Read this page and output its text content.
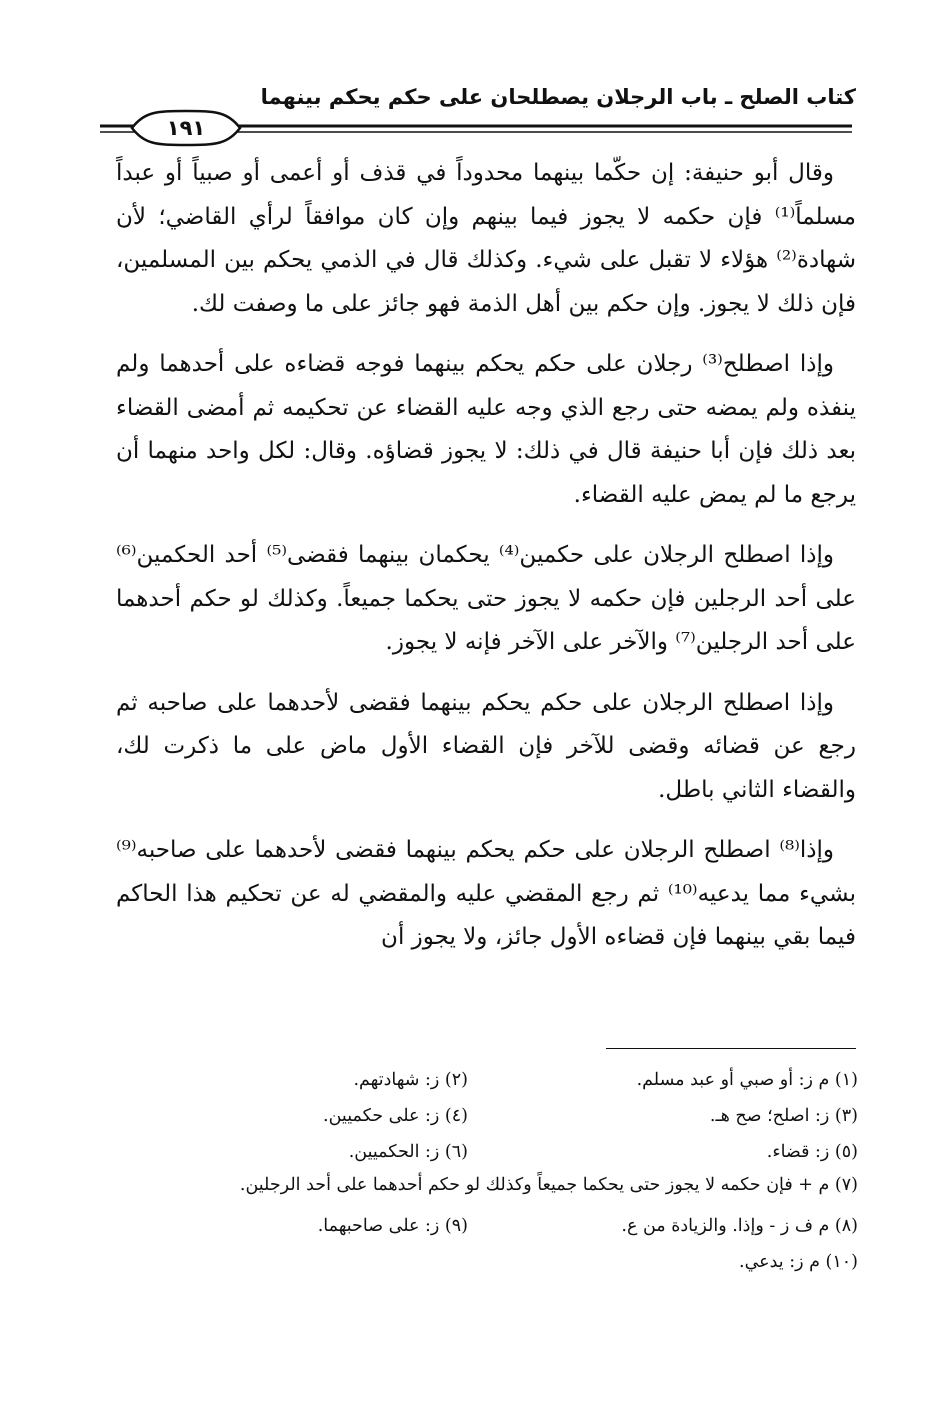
كتاب الصلح ـ باب الرجلان يصطلحان على حكم يحكم بينهما
١٩١

وقال أبو حنيفة: إن حكّما بينهما محدوداً في قذف أو أعمى أو صبياً أو عبداً مسلماً⁽¹⁾ فإن حكمه لا يجوز فيما بينهم وإن كان موافقاً لرأي القاضي؛ لأن شهادة⁽²⁾ هؤلاء لا تقبل على شيء. وكذلك قال في الذمي يحكم بين المسلمين، فإن ذلك لا يجوز. وإن حكم بين أهل الذمة فهو جائز على ما وصفت لك.

وإذا اصطلح⁽³⁾ رجلان على حكم يحكم بينهما فوجه قضاءه على أحدهما ولم ينفذه ولم يمضه حتى رجع الذي وجه عليه القضاء عن تحكيمه ثم أمضى القضاء بعد ذلك فإن أبا حنيفة قال في ذلك: لا يجوز قضاؤه. وقال: لكل واحد منهما أن يرجع ما لم يمض عليه القضاء.

وإذا اصطلح الرجلان على حكمين⁽⁴⁾ يحكمان بينهما فقضى⁽⁵⁾ أحد الحكمين⁽⁶⁾ على أحد الرجلين فإن حكمه لا يجوز حتى يحكما جميعاً. وكذلك لو حكم أحدهما على أحد الرجلين⁽⁷⁾ والآخر على الآخر فإنه لا يجوز.

وإذا اصطلح الرجلان على حكم يحكم بينهما فقضى لأحدهما على صاحبه ثم رجع عن قضائه وقضى للآخر فإن القضاء الأول ماض على ما ذكرت لك، والقضاء الثاني باطل.

وإذا⁽⁸⁾ اصطلح الرجلان على حكم يحكم بينهما فقضى لأحدهما على صاحبه⁽⁹⁾ بشيء مما يدعيه⁽¹⁰⁾ ثم رجع المقضي عليه والمقضي له عن تحكيم هذا الحاكم فيما بقي بينهما فإن قضاءه الأول جائز، ولا يجوز أن

(١) م ز: أو صبي أو عبد مسلم.
(٢) ز: شهادتهم.
(٣) ز: اصلح؛ صح هـ.
(٤) ز: على حكميين.
(٥) ز: قضاء.
(٦) ز: الحكميين.
(٧) م + فإن حكمه لا يجوز حتى يحكما جميعاً وكذلك لو حكم أحدهما على أحد الرجلين.
(٨) م ف ز - وإذا. والزيادة من ع.
(٩) ز: على صاحبهما.
(١٠) م ز: يدعي.
